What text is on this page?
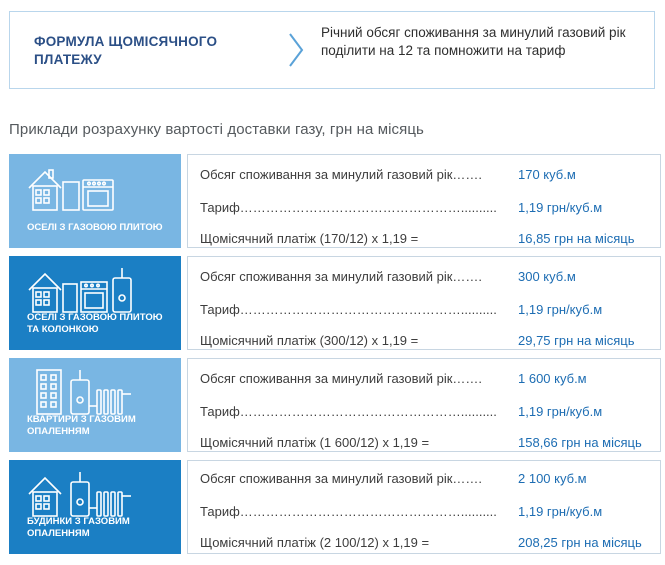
ФОРМУЛА ЩОМІСЯЧНОГО ПЛАТЕЖУ
Річний обсяг споживання за минулий газовий рік поділити на 12 та помножити на тариф
Приклади розрахунку вартості доставки газу, грн на місяць
ОСЕЛІ З ГАЗОВОЮ ПЛИТОЮ
Обсяг споживання за минулий газовий рік…….	170 куб.м
Тариф…………………………………………….......... 1,19 грн/куб.м
Щомісячний платіж (170/12) х 1,19 =	16,85 грн на місяць
ОСЕЛІ З ГАЗОВОЮ ПЛИТОЮ ТА КОЛОНКОЮ
Обсяг споживання за минулий газовий рік…….	300 куб.м
Тариф…………………………………………….......... 1,19 грн/куб.м
Щомісячний платіж (300/12) х 1,19 =	29,75 грн на місяць
КВАРТИРИ З ГАЗОВИМ ОПАЛЕННЯМ
Обсяг споживання за минулий газовий рік…….	1 600 куб.м
Тариф…………………………………………….......... 1,19 грн/куб.м
Щомісячний платіж (1 600/12) х 1,19 =	158,66 грн на місяць
БУДИНКИ З ГАЗОВИМ ОПАЛЕННЯМ
Обсяг споживання за минулий газовий рік…….	2 100 куб.м
Тариф…………………………………………….......... 1,19 грн/куб.м
Щомісячний платіж (2 100/12) х 1,19 =	208,25 грн на місяць
